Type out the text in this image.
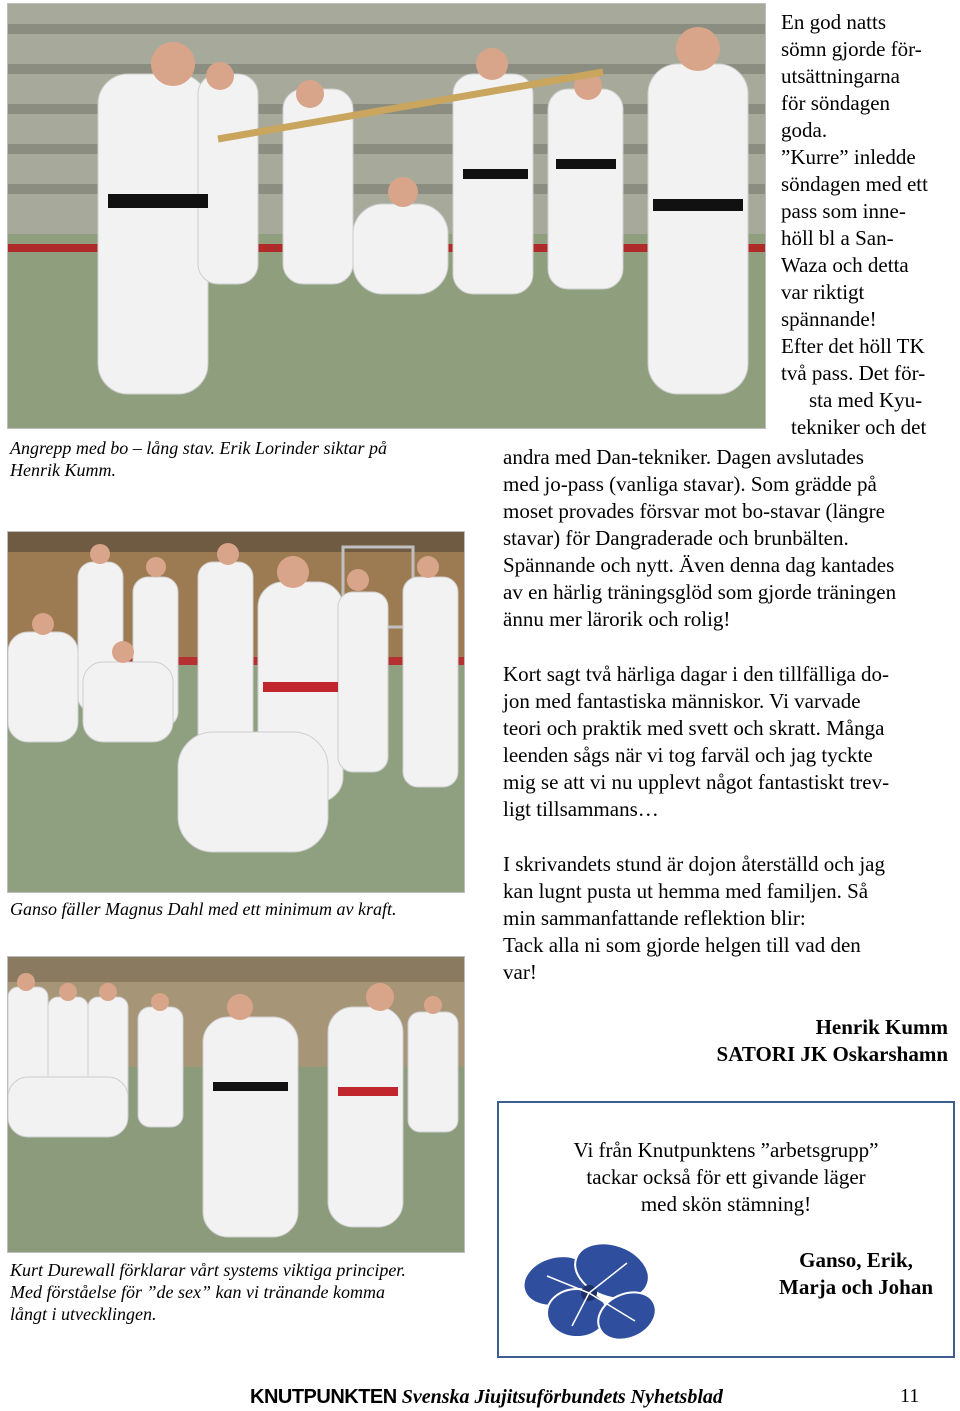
Angrepp med bo – lång stav. Erik Lorinder siktar på
Henrik Kumm.
Ganso fäller Magnus Dahl med ett minimum av kraft.
Kurt Durewall förklarar vårt systems viktiga principer.
Med förståelse för ”de sex” kan vi tränande komma
långt i utvecklingen.
En god natts
sömn gjorde för-
utsättningarna
för söndagen
goda.
”Kurre” inledde
söndagen med ett
pass som inne-
höll bl a San-
Waza och detta
var riktigt
spännande!
Efter det höll TK
två pass. Det för-
sta med Kyu-
tekniker och det
andra med Dan-tekniker. Dagen avslutades
med jo-pass (vanliga stavar). Som grädde på
moset provades försvar mot bo-stavar (längre
stavar) för Dangraderade och brunbälten.
Spännande och nytt. Även denna dag kantades
av en härlig träningsglöd som gjorde träningen
ännu mer lärorik och rolig!
Kort sagt två härliga dagar i den tillfälliga do-
jon med fantastiska människor. Vi varvade
teori och praktik med svett och skratt. Många
leenden sågs när vi tog farväl och jag tyckte
mig se att vi nu upplevt något fantastiskt trev-
ligt tillsammans…
I skrivandets stund är dojon återställd och jag
kan lugnt pusta ut hemma med familjen. Så
min sammanfattande reflektion blir:
Tack alla ni som gjorde helgen till vad den
var!
Henrik Kumm
SATORI JK Oskarshamn
Vi från Knutpunktens ”arbetsgrupp”
tackar också för ett givande läger
med skön stämning!
Ganso, Erik,
Marja och Johan
KNUTPUNKTEN Svenska Jiujitsuförbundets Nyhetsblad	11
